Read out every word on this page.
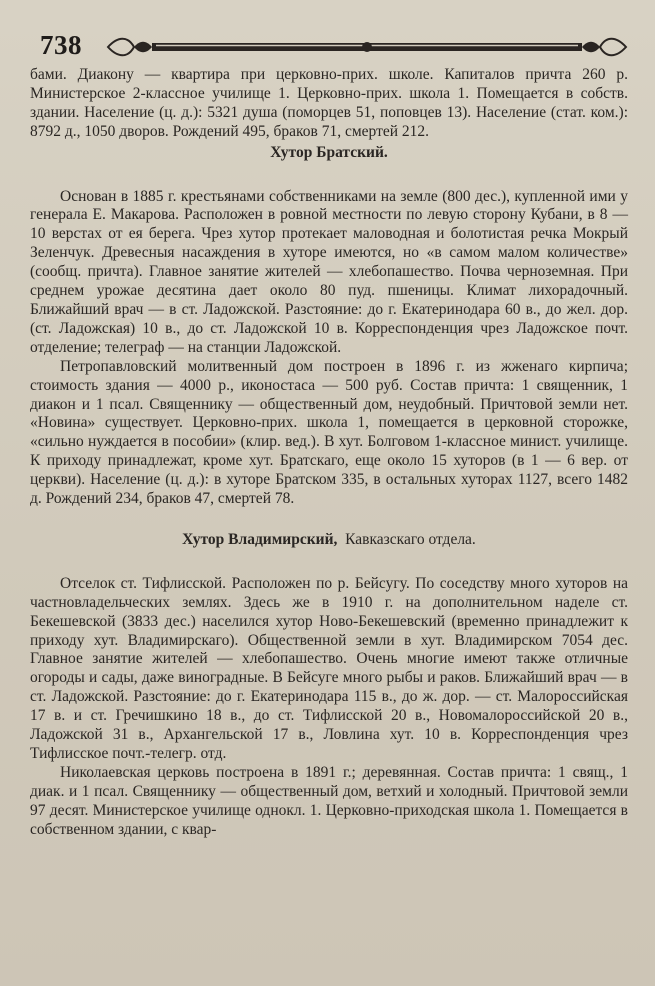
738

бами. Диакону — квартира при церковно-прих. школе. Капиталов причта 260 р. Министерское 2-классное училище 1. Церковно-прих. школа 1. Помещается в собств. здании. Население (ц. д.): 5321 душа (поморцев 51, поповцев 13). Население (стат. ком.): 8792 д., 1050 дворов. Рождений 495, браков 71, смертей 212.

Хутор Братский.

Основан в 1885 г. крестьянами собственниками на земле (800 дес.), купленной ими у генерала Е. Макарова. Расположен в ровной местности по левую сторону Кубани, в 8 — 10 верстах от ея берега. Чрез хутор протекает маловодная и болотистая речка Мокрый Зеленчук. Древесныя насаждения в хуторе имеются, но «в самом малом количестве» (сообщ. причта). Главное занятие жителей — хлебопашество. Почва черноземная. При среднем урожае десятина дает около 80 пуд. пшеницы. Климат лихорадочный. Ближайший врач — в ст. Ладожской. Разстояние: до г. Екатеринодара 60 в., до жел. дор. (ст. Ладожская) 10 в., до ст. Ладожской 10 в. Корреспонденция чрез Ладожское почт. отделение; телеграф — на станции Ладожской.

Петропавловский молитвенный дом построен в 1896 г. из жженаго кирпича; стоимость здания — 4000 р., иконостаса — 500 руб. Состав причта: 1 священник, 1 диакон и 1 псал. Священнику — общественный дом, неудобный. Причтовой земли нет. «Новина» существует. Церковно-прих. школа 1, помещается в церковной сторожке, «сильно нуждается в пособии» (клир. вед.). В хут. Болговом 1-классное минист. училище. К приходу принадлежат, кроме хут. Братскаго, еще около 15 хуторов (в 1 — 6 вер. от церкви). Население (ц. д.): в хуторе Братском 335, в остальных хуторах 1127, всего 1482 д. Рождений 234, браков 47, смертей 78.

Хутор Владимирский, Кавказскаго отдела.

Отселок ст. Тифлисской. Расположен по р. Бейсугу. По соседству много хуторов на частновладельческих землях. Здесь же в 1910 г. на дополнительном наделе ст. Бекешевской (3833 дес.) населился хутор Ново-Бекешевский (временно принадлежит к приходу хут. Владимирскаго). Общественной земли в хут. Владимирском 7054 дес. Главное занятие жителей — хлебопашество. Очень многие имеют также отличные огороды и сады, даже виноградные. В Бейсуге много рыбы и раков. Ближайший врач — в ст. Ладожской. Разстояние: до г. Екатеринодара 115 в., до ж. дор. — ст. Малороссийская 17 в. и ст. Гречишкино 18 в., до ст. Тифлисской 20 в., Новомалороссийской 20 в., Ладожской 31 в., Архангельской 17 в., Ловлина хут. 10 в. Корреспонденция чрез Тифлисское почт.-телегр. отд.

Николаевская церковь построена в 1891 г.; деревянная. Состав причта: 1 свящ., 1 диак. и 1 псал. Священнику — общественный дом, ветхий и холодный. Причтовой земли 97 десят. Министерское училище однокл. 1. Церковно-приходская школа 1. Помещается в собственном здании, с квар-
